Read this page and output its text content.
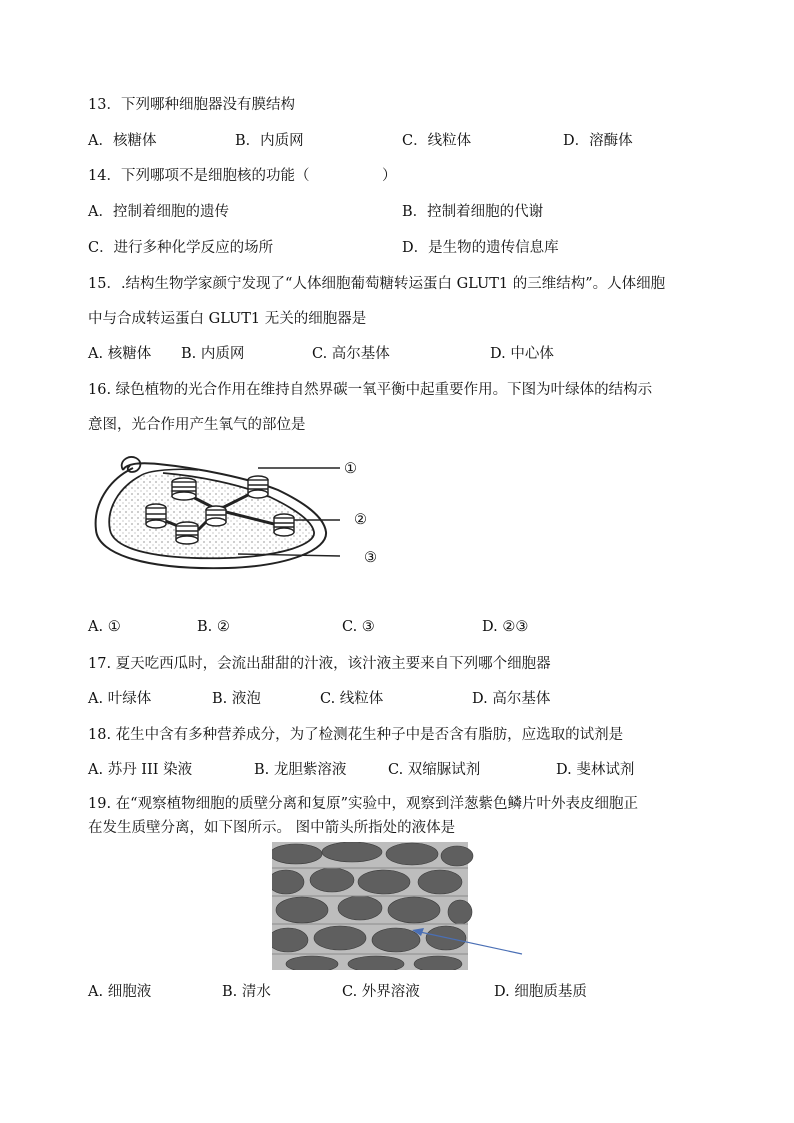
13．下列哪种细胞器没有膜结构
A．核糖体	B．内质网	C．线粒体	D．溶酶体
14．下列哪项不是细胞核的功能（　　　　　）
A．控制着细胞的遗传	B．控制着细胞的代谢
C．进行多种化学反应的场所	D．是生物的遗传信息库
15．.结构生物学家颜宁发现了“人体细胞葡萄糖转运蛋白 GLUT1 的三维结构”。人体细胞
中与合成转运蛋白 GLUT1 无关的细胞器是
A. 核糖体 B. 内质网	C. 高尔基体	D. 中心体
16. 绿色植物的光合作用在维持自然界碳一氧平衡中起重要作用。下图为叶绿体的结构示
意图，光合作用产生氧气的部位是
①
②
③
A. ①	B. ②	C. ③	D. ②③
17. 夏天吃西瓜时，会流出甜甜的汁液，该汁液主要来自下列哪个细胞器
A. 叶绿体	B. 液泡	C. 线粒体	D. 高尔基体
18. 花生中含有多种营养成分，为了检测花生种子中是否含有脂肪，应选取的试剂是
A. 苏丹 III 染液	B. 龙胆紫溶液	C. 双缩脲试剂	D. 斐林试剂
19. 在“观察植物细胞的质壁分离和复原”实验中，观察到洋葱紫色鳞片叶外表皮细胞正
在发生质壁分离，如下图所示。 图中箭头所指处的液体是
A. 细胞液	B. 清水	C. 外界溶液	D. 细胞质基质
